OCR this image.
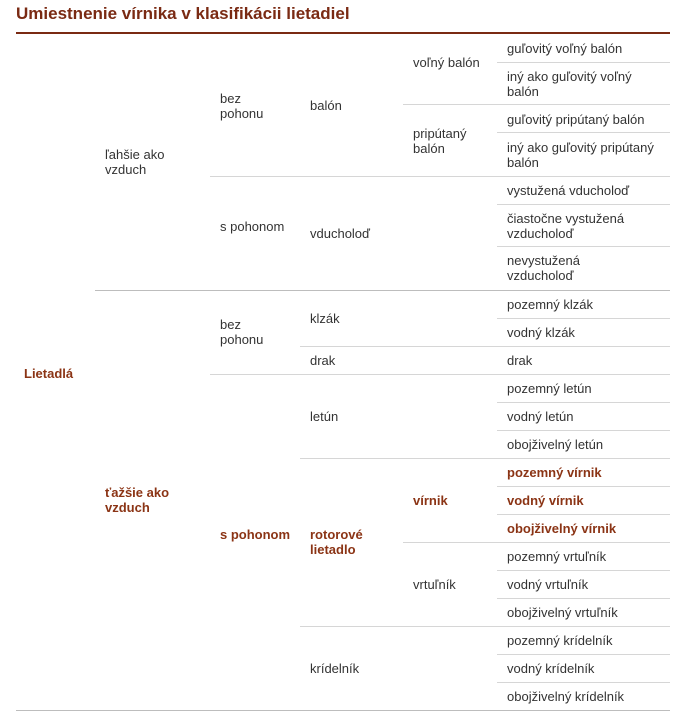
Umiestnenie vírnika v klasifikácii lietadiel
Lietadlá
ľahšie ako vzduch
ťažšie ako vzduch
bez pohonu
s pohonom
bez pohonu
s pohonom
balón
vducholoď
klzák
drak
letún
rotorové lietadlo
krídelník
voľný balón
pripútaný balón
vírnik
vrtuľník
guľovitý voľný balón
iný ako guľovitý voľný balón
guľovitý pripútaný balón
iný ako guľovitý pripútaný balón
vystužená vducholoď
čiastočne vystužená vzducholoď
nevystužená vzducholoď
pozemný klzák
vodný klzák
drak
pozemný letún
vodný letún
obojživelný letún
pozemný vírnik
vodný vírnik
obojživelný vírnik
pozemný vrtuľník
vodný vrtuľník
obojživelný vrtuľník
pozemný krídelník
vodný krídelník
obojživelný krídelník
